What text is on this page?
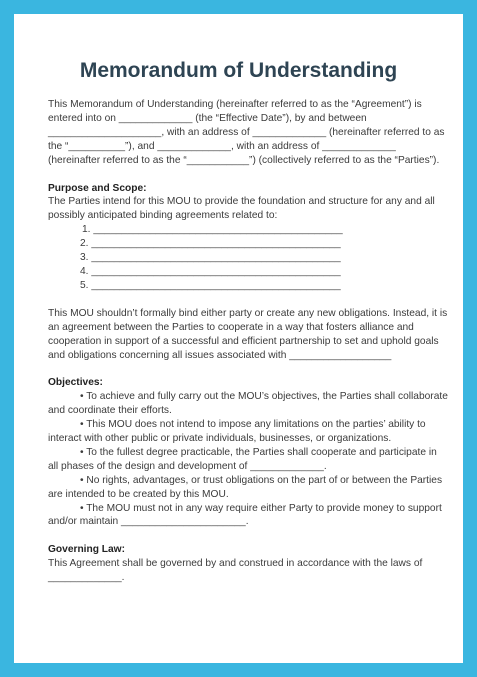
Memorandum of Understanding

This Memorandum of Understanding (hereinafter referred to as the “Agreement”) is entered into on _____________ (the “Effective Date”), by and between ____________________, with an address of _____________ (hereinafter referred to as the “__________”), and _____________, with an address of _____________ (hereinafter referred to as the “___________”) (collectively referred to as the “Parties”).

Purpose and Scope:

The Parties intend for this MOU to provide the foundation and structure for any and all possibly anticipated binding agreements related to:

1. ____________________________________________
2. ____________________________________________
3. ____________________________________________
4. ____________________________________________
5. ____________________________________________

This MOU shouldn’t formally bind either party or create any new obligations. Instead, it is an agreement between the Parties to cooperate in a way that fosters alliance and cooperation in support of a successful and efficient partnership to set and uphold goals and obligations concerning all issues associated with __________________

Objectives:

• To achieve and fully carry out the MOU’s objectives, the Parties shall collaborate and coordinate their efforts.

• This MOU does not intend to impose any limitations on the parties’ ability to interact with other public or private individuals, businesses, or organizations.

• To the fullest degree practicable, the Parties shall cooperate and participate in all phases of the design and development of _____________.

• No rights, advantages, or trust obligations on the part of or between the Parties are intended to be created by this MOU.

• The MOU must not in any way require either Party to provide money to support and/or maintain ______________________.

Governing Law:

This Agreement shall be governed by and construed in accordance with the laws of _____________.
